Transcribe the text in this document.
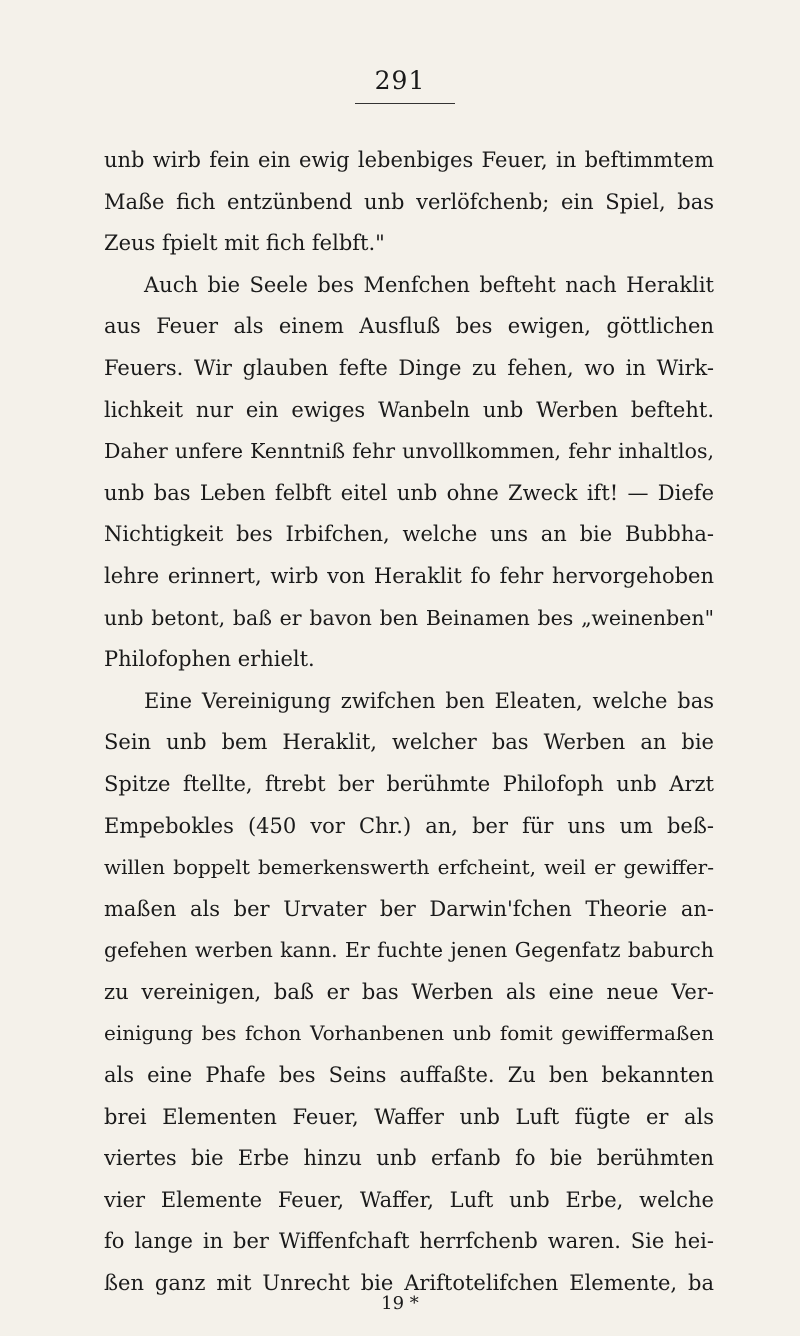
291
unb wirb fein ein ewig lebenbiges Feuer, in beftimmtem
Maße fich entzünbend unb verlöfchenb; ein Spiel, bas
Zeus fpielt mit fich felbft."
Auch bie Seele bes Menfchen befteht nach Heraklit
aus Feuer als einem Ausfluß bes ewigen, göttlichen
Feuers. Wir glauben fefte Dinge zu fehen, wo in Wirk-
lichkeit nur ein ewiges Wanbeln unb Werben befteht.
Daher unfere Kenntniß fehr unvollkommen, fehr inhaltlos,
unb bas Leben felbft eitel unb ohne Zweck ift! — Diefe
Nichtigkeit bes Irbifchen, welche uns an bie Bubbha-
lehre erinnert, wirb von Heraklit fo fehr hervorgehoben
unb betont, baß er bavon ben Beinamen bes „weinenben"
Philofophen erhielt.
Eine Vereinigung zwifchen ben Eleaten, welche bas
Sein unb bem Heraklit, welcher bas Werben an bie
Spitze ftellte, ftrebt ber berühmte Philofoph unb Arzt
Empebokles (450 vor Chr.) an, ber für uns um beß-
willen boppelt bemerkenswerth erfcheint, weil er gewiffer-
maßen als ber Urvater ber Darwin'fchen Theorie an-
gefehen werben kann. Er fuchte jenen Gegenfatz baburch
zu vereinigen, baß er bas Werben als eine neue Ver-
einigung bes fchon Vorhanbenen unb fomit gewiffermaßen
als eine Phafe bes Seins auffaßte. Zu ben bekannten
brei Elementen Feuer, Waffer unb Luft fügte er als
viertes bie Erbe hinzu unb erfanb fo bie berühmten
vier Elemente Feuer, Waffer, Luft unb Erbe, welche
fo lange in ber Wiffenfchaft herrfchenb waren. Sie hei-
ßen ganz mit Unrecht bie Ariftotelifchen Elemente, ba
19 *
